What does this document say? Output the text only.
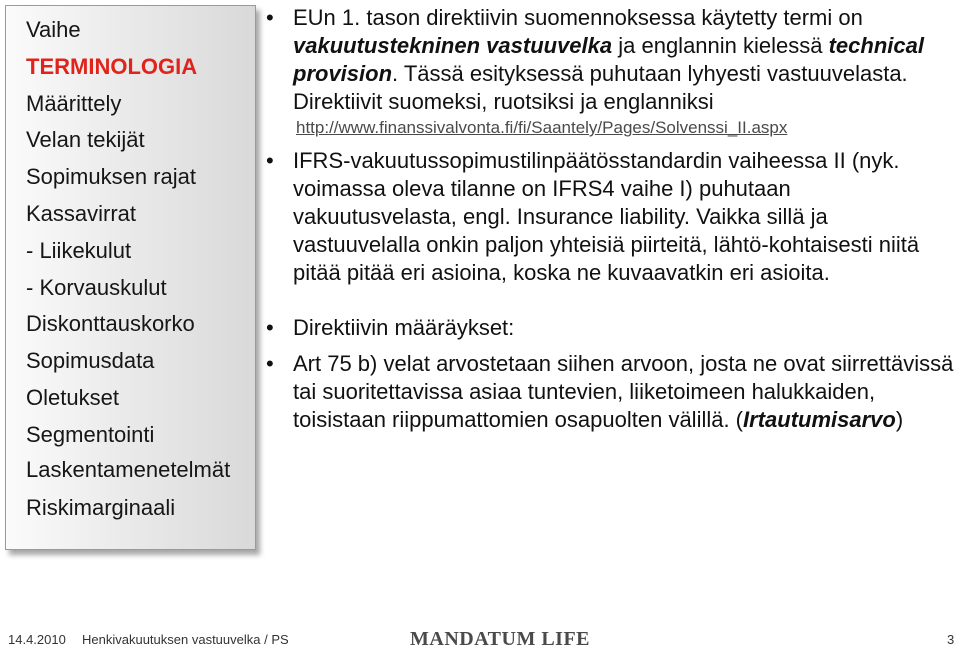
Vaihe
TERMINOLOGIA
Määrittely
Velan tekijät
Sopimuksen rajat
Kassavirrat
- Liikekulut
- Korvauskulut
Diskonttauskorko
Sopimusdata
Oletukset
Segmentointi
Laskentamenetelmät
Riskimarginaali
• EUn 1. tason direktiivin suomennoksessa käytetty termi on vakuutustekninen vastuuvelka ja englannin kielessä technical provision. Tässä esityksessä puhutaan lyhyesti vastuuvelasta. Direktiivit suomeksi, ruotsiksi ja englanniksi
http://www.finanssivalvonta.fi/fi/Saantely/Pages/Solvenssi_II.aspx
• IFRS-vakuutussopimustilinpäätösstandardin vaiheessa II (nyk. voimassa oleva tilanne on IFRS4 vaihe I) puhutaan vakuutusvelasta, engl. Insurance liability. Vaikka sillä ja vastuuvelalla onkin paljon yhteisiä piirteitä, lähtö-kohtaisesti niitä pitää pitää eri asioina, koska ne kuvaavatkin eri asioita.
• Direktiivin määräykset:
• Art 75 b) velat arvostetaan siihen arvoon, josta ne ovat siirrettävissä tai suoritettavissa asiaa tuntevien, liiketoimeen halukkaiden, toisistaan riippumattomien osapuolten välillä. (Irtautumisarvo)
14.4.2010 Henkivakuutuksen vastuuvelka / PS	MANDATUM LIFE	3
